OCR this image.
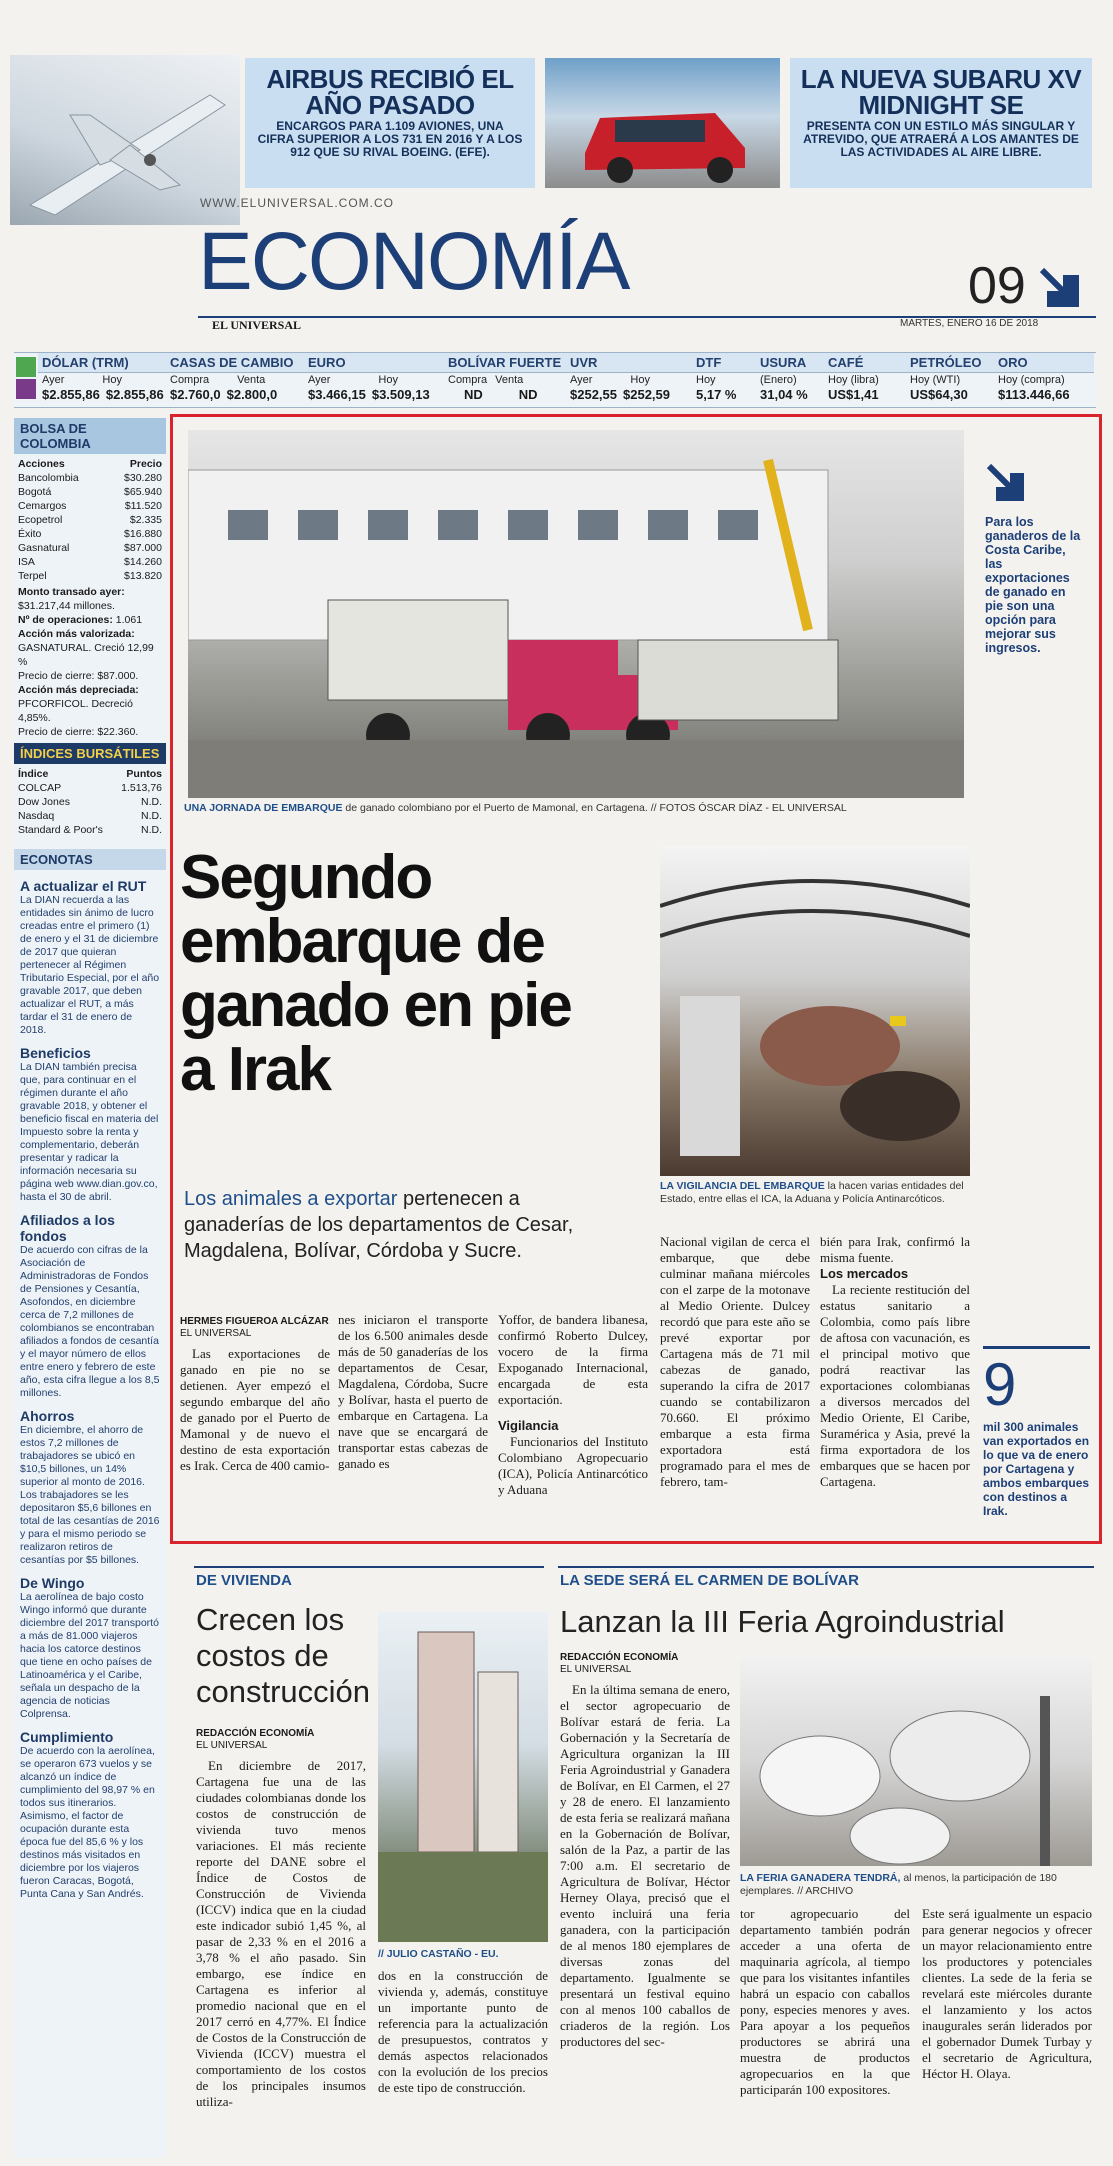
AIRBUS RECIBIÓ EL AÑO PASADO

ENCARGOS PARA 1.109 AVIONES, UNA CIFRA SUPERIOR A LOS 731 EN 2016 Y A LOS 912 QUE SU RIVAL BOEING. (EFE).

LA NUEVA SUBARU XV MIDNIGHT SE

PRESENTA CON UN ESTILO MÁS SINGULAR Y ATREVIDO, QUE ATRAERÁ A LOS AMANTES DE LAS ACTIVIDADES AL AIRE LIBRE.

WWW.ELUNIVERSAL.COM.CO
ECONOMÍA
EL UNIVERSAL
09
MARTES, ENERO 16 DE 2018
DÓLAR (TRM)
Ayer	Hoy
$2.855,86 $2.855,86
CASAS DE CAMBIO
Compra	Venta
$2.760,0 $2.800,0
EURO
Ayer	Hoy
$3.466,15 $3.509,13
BOLÍVAR FUERTE
Compra Venta
ND	ND
UVR
Ayer	Hoy
$252,55 $252,59
DTF
Hoy
5,17 %
USURA
(Enero)
31,04 %
CAFÉ
Hoy (libra)
US$1,41
PETRÓLEO
Hoy (WTI)
US$64,30
ORO
Hoy (compra)
$113.446,66
BOLSA DE COLOMBIA
Acciones	Precio
Bancolombia	$30.280
Bogotá	$65.940
Cemargos	$11.520
Ecopetrol	$2.335
Éxito	$16.880
Gasnatural	$87.000
ISA	$14.260
Terpel	$13.820
Monto transado ayer:
$31.217,44 millones.
Nº de operaciones: 1.061
Acción más valorizada:
GASNATURAL. Creció 12,99 %
Precio de cierre: $87.000.
Acción más depreciada:
PFCORFICOL. Decreció 4,85%.
Precio de cierre: $22.360.
ÍNDICES BURSÁTILES
Índice	Puntos
COLCAP	1.513,76
Dow Jones	N.D.
Nasdaq	N.D.
Standard & Poor's	N.D.
ECONOTAS
A actualizar el RUT
La DIAN recuerda a las entidades sin ánimo de lucro creadas entre el primero (1) de enero y el 31 de diciembre de 2017 que quieran pertenecer al Régimen Tributario Especial, por el año gravable 2017, que deben actualizar el RUT, a más tardar el 31 de enero de 2018.
Beneficios
La DIAN también precisa que, para continuar en el régimen durante el año gravable 2018, y obtener el beneficio fiscal en materia del Impuesto sobre la renta y complementario, deberán presentar y radicar la información necesaria su página web www.dian.gov.co, hasta el 30 de abril.
Afiliados a los fondos
De acuerdo con cifras de la Asociación de Administradoras de Fondos de Pensiones y Cesantía, Asofondos, en diciembre cerca de 7,2 millones de colombianos se encontraban afiliados a fondos de cesantía y el mayor número de ellos entre enero y febrero de este año, esta cifra llegue a los 8,5 millones.
Ahorros
En diciembre, el ahorro de estos 7,2 millones de trabajadores se ubicó en $10,5 billones, un 14% superior al monto de 2016. Los trabajadores se les depositaron $5,6 billones en total de las cesantías de 2016 y para el mismo periodo se realizaron retiros de cesantías por $5 billones.
De Wingo
La aerolínea de bajo costo Wingo informó que durante diciembre del 2017 transportó a más de 81.000 viajeros hacia los catorce destinos que tiene en ocho países de Latinoamérica y el Caribe, señala un despacho de la agencia de noticias Colprensa.
Cumplimiento
De acuerdo con la aerolínea, se operaron 673 vuelos y se alcanzó un índice de cumplimiento del 98,97 % en todos sus itinerarios. Asimismo, el factor de ocupación durante esta época fue del 85,6 % y los destinos más visitados en diciembre por los viajeros fueron Caracas, Bogotá, Punta Cana y San Andrés.
Para los ganaderos de la Costa Caribe, las exportaciones de ganado en pie son una opción para mejorar sus ingresos.
UNA JORNADA DE EMBARQUE de ganado colombiano por el Puerto de Mamonal, en Cartagena. // FOTOS ÓSCAR DÍAZ - EL UNIVERSAL
Segundo embarque de ganado en pie a Irak
Los animales a exportar pertenecen a ganaderías de los departamentos de Cesar, Magdalena, Bolívar, Córdoba y Sucre.
LA VIGILANCIA DEL EMBARQUE la hacen varias entidades del Estado, entre ellas el ICA, la Aduana y Policía Antinarcóticos.
HERMES FIGUEROA ALCÁZAR
EL UNIVERSAL

Las exportaciones de ganado en pie no se detienen. Ayer empezó el segundo embarque del año de ganado por el Puerto de Mamonal y de nuevo el destino de esta exportación es Irak. Cerca de 400 camio-

nes iniciaron el transporte de los 6.500 animales desde más de 50 ganaderías de los departamentos de Cesar, Magdalena, Córdoba, Sucre y Bolívar, hasta el puerto de embarque en Cartagena. La nave que se encargará de transportar estas cabezas de ganado es

Yoffor, de bandera libanesa, confirmó Roberto Dulcey, vocero de la firma Expoganado Internacional, encargada de esta exportación.

Vigilancia

Funcionarios del Instituto Colombiano Agropecuario (ICA), Policía Antinarcótico y Aduana

Nacional vigilan de cerca el embarque, que debe culminar mañana miércoles con el zarpe de la motonave al Medio Oriente. Dulcey recordó que para este año se prevé exportar por Cartagena más de 71 mil cabezas de ganado, superando la cifra de 2017 cuando se contabilizaron 70.660. El próximo embarque a esta firma exportadora está programado para el mes de febrero, tam-

bién para Irak, confirmó la misma fuente.

Los mercados

La reciente restitución del estatus sanitario a Colombia, como país libre de aftosa con vacunación, es el principal motivo que podrá reactivar las exportaciones colombianas a diversos mercados del Medio Oriente, El Caribe, Suramérica y Asia, prevé la firma exportadora de los embarques que se hacen por Cartagena.

9
mil 300 animales van exportados en lo que va de enero por Cartagena y ambos embarques con destinos a Irak.
DE VIVIENDA
Crecen los costos de construcción
REDACCIÓN ECONOMÍA
EL UNIVERSAL

En diciembre de 2017, Cartagena fue una de las ciudades colombianas donde los costos de construcción de vivienda tuvo menos variaciones. El más reciente reporte del DANE sobre el Índice de Costos de Construcción de Vivienda (ICCV) indica que en la ciudad este indicador subió 1,45 %, al pasar de 2,33 % en el 2016 a 3,78 % el año pasado. Sin embargo, ese índice en Cartagena es inferior al promedio nacional que en el 2017 cerró en 4,77%. El Índice de Costos de la Construcción de Vivienda (ICCV) muestra el comportamiento de los costos de los principales insumos utiliza-

// JULIO CASTAÑO - EU.

dos en la construcción de vivienda y, además, constituye un importante punto de referencia para la actualización de presupuestos, contratos y demás aspectos relacionados con la evolución de los precios de este tipo de construcción.

LA SEDE SERÁ EL CARMEN DE BOLÍVAR
Lanzan la III Feria Agroindustrial
REDACCIÓN ECONOMÍA
EL UNIVERSAL

En la última semana de enero, el sector agropecuario de Bolívar estará de feria. La Gobernación y la Secretaría de Agricultura organizan la III Feria Agroindustrial y Ganadera de Bolívar, en El Carmen, el 27 y 28 de enero. El lanzamiento de esta feria se realizará mañana en la Gobernación de Bolívar, salón de la Paz, a partir de las 7:00 a.m. El secretario de Agricultura de Bolívar, Héctor Herney Olaya, precisó que el evento incluirá una feria ganadera, con la participación de al menos 180 ejemplares de diversas zonas del departamento. Igualmente se presentará un festival equino con al menos 100 caballos de criaderos de la región. Los productores del sec-

LA FERIA GANADERA TENDRÁ, al menos, la participación de 180 ejemplares. // ARCHIVO

tor agropecuario del departamento también podrán acceder a una oferta de maquinaria agrícola, al tiempo que para los visitantes infantiles habrá un espacio con caballos pony, especies menores y aves. Para apoyar a los pequeños productores se abrirá una muestra de productos agropecuarios en la que participarán 100 expositores.

Este será igualmente un espacio para generar negocios y ofrecer un mayor relacionamiento entre los productores y potenciales clientes. La sede de la feria se revelará este miércoles durante el lanzamiento y los actos inaugurales serán liderados por el gobernador Dumek Turbay y el secretario de Agricultura, Héctor H. Olaya.
